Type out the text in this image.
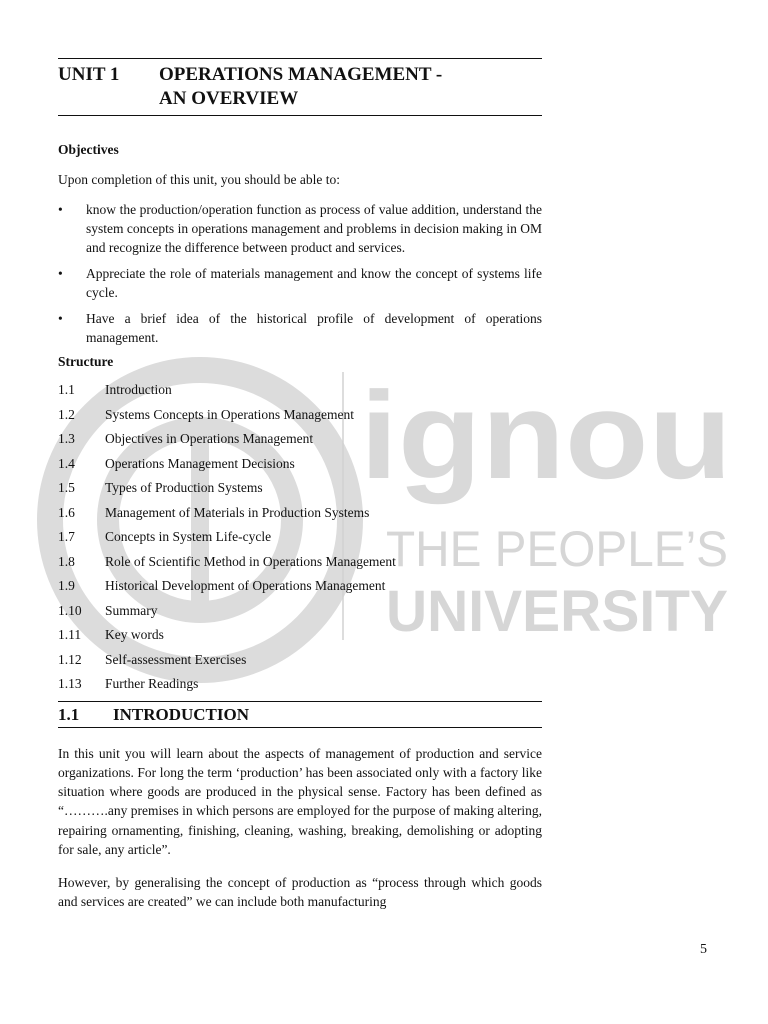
ignou
THE PEOPLE’S
UNIVERSITY
UNIT 1	OPERATIONS MANAGEMENT -
AN OVERVIEW
Objectives
Upon completion of this unit, you should be able to:
•	know the production/operation function as process of value addition, understand the system concepts in operations management and problems in decision making in OM and recognize the difference between product and services.
•	Appreciate the role of materials management and know the concept of systems life cycle.
•	Have a brief idea of the historical profile of development of operations management.
Structure
1.1	Introduction
1.2	Systems Concepts in Operations Management
1.3	Objectives in Operations Management
1.4	Operations Management Decisions
1.5	Types of Production Systems
1.6	Management of Materials in Production Systems
1.7	Concepts in System Life-cycle
1.8	Role of Scientific Method in Operations Management
1.9	Historical Development of Operations Management
1.10	Summary
1.11	Key words
1.12	Self-assessment Exercises
1.13	Further Readings
1.1	INTRODUCTION

In this unit you will learn about the aspects of management of production and service organizations. For long the term ‘production’ has been associated only with a factory like situation where goods are produced in the physical sense. Factory has been defined as “……….any premises in which persons are employed for the purpose of making altering, repairing ornamenting, finishing, cleaning, washing, breaking, demolishing or adopting for sale, any article”.

However, by generalising the concept of production as “process through which goods and services are created” we can include both manufacturing

5
